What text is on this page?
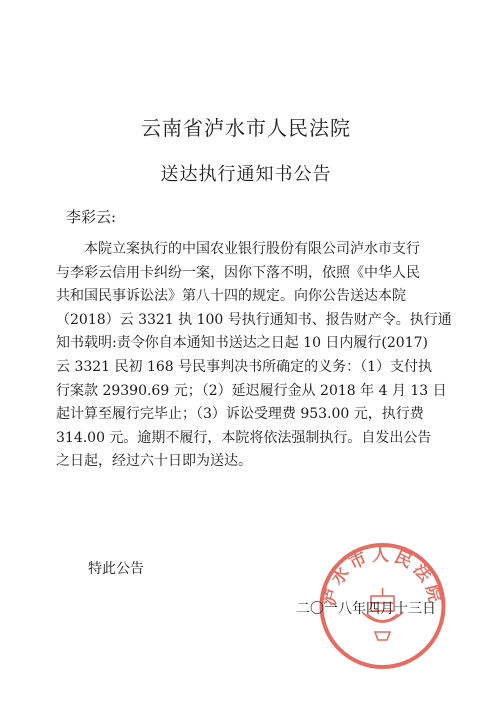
云南省泸水市人民法院
送达执行通知书公告
李彩云:
　　本院立案执行的中国农业银行股份有限公司泸水市支行
与李彩云信用卡纠纷一案，因你下落不明，依照《中华人民
共和国民事诉讼法》第八十四的规定。向你公告送达本院
（2018）云 3321 执 100 号执行通知书、报告财产令。执行通
知书载明:责令你自本通知书送达之日起 10 日内履行(2017)
云 3321 民初 168 号民事判决书所确定的义务：（1）支付执
行案款 29390.69 元；（2）延迟履行金从 2018 年 4 月 13 日
起计算至履行完毕止；（3）诉讼受理费 953.00 元，执行费
314.00 元。逾期不履行，本院将依法强制执行。自发出公告
之日起，经过六十日即为送达。
特此公告
泸水市人民法院
二〇一八年四月十三日
